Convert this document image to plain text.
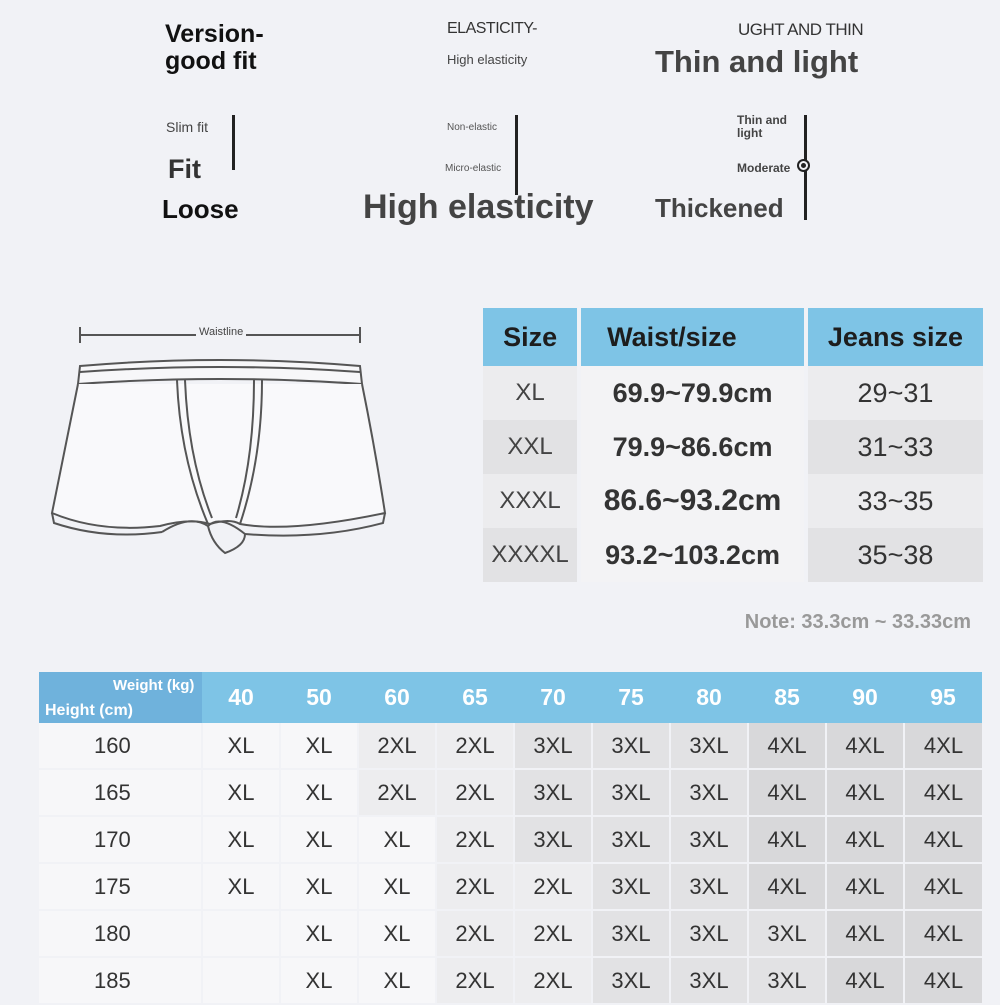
Version-
good fit
Slim fit
Fit
Loose
ELASTICITY-
High elasticity
Non-elastic
Micro-elastic
High elasticity
UGHT AND THIN
Thin and light
Thin and light
Moderate
Thickened
Waistline	Size	Waist/size	Jeans size
XL	69.9~79.9cm	29~31
XXL	79.9~86.6cm	31~33
XXXL	86.6~93.2cm	33~35
XXXXL	93.2~103.2cm	35~38
Note: 33.3cm ~ 33.33cm
Weight (kg)
Height (cm)	40	50	60	65	70	75	80	85	90	95
160	XL	XL	2XL	2XL	3XL	3XL	3XL	4XL	4XL	4XL
165	XL	XL	2XL	2XL	3XL	3XL	3XL	4XL	4XL	4XL
170	XL	XL	XL	2XL	3XL	3XL	3XL	4XL	4XL	4XL
175	XL	XL	XL	2XL	2XL	3XL	3XL	4XL	4XL	4XL
180		XL	XL	2XL	2XL	3XL	3XL	3XL	4XL	4XL
185		XL	XL	2XL	2XL	3XL	3XL	3XL	4XL	4XL
